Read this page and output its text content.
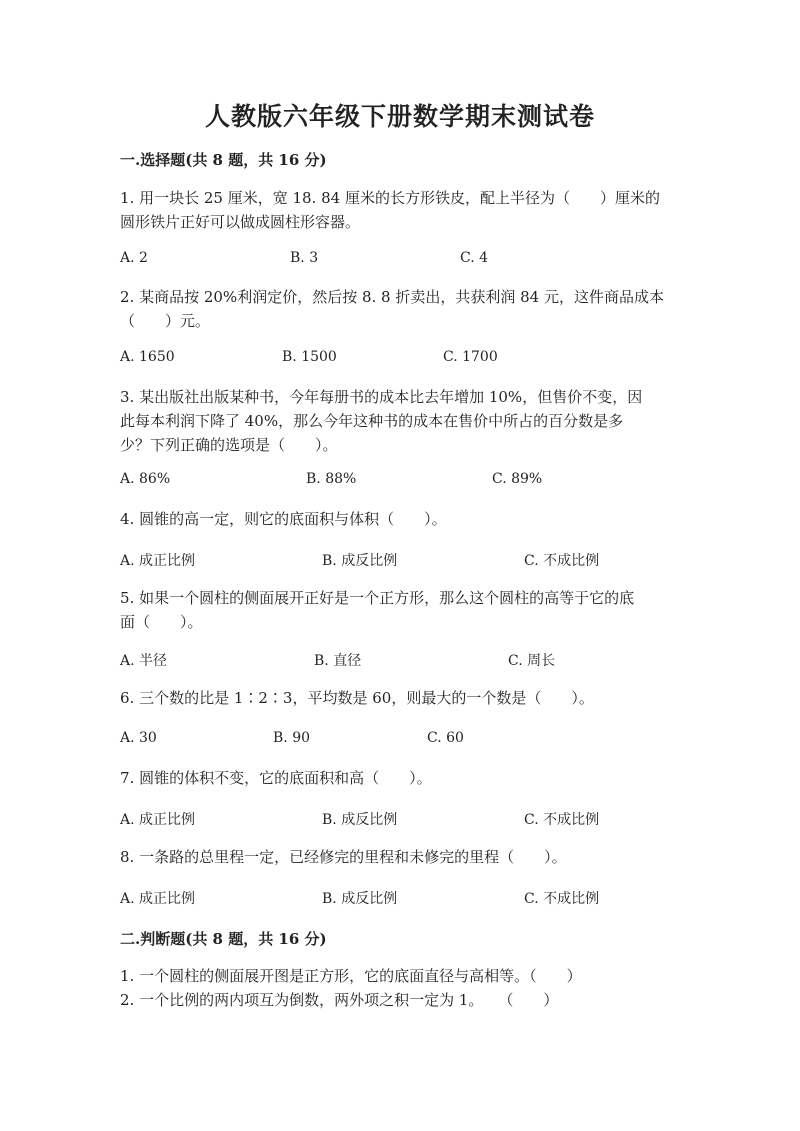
人教版六年级下册数学期末测试卷
一.选择题(共 8 题，共 16 分)
1. 用一块长 25 厘米，宽 18. 84 厘米的长方形铁皮，配上半径为（　　）厘米的
圆形铁片正好可以做成圆柱形容器。
A. 2	B. 3	C. 4
2. 某商品按 20%利润定价，然后按 8. 8 折卖出，共获利润 84 元，这件商品成本
（　　）元。
A. 1650	B. 1500	C. 1700
3. 某出版社出版某种书，今年每册书的成本比去年增加 10%，但售价不变，因
此每本利润下降了 40%，那么今年这种书的成本在售价中所占的百分数是多
少？下列正确的选项是（　　）。
A. 86%	B. 88%	C. 89%
4. 圆锥的高一定，则它的底面积与体积（　　）。
A. 成正比例	B. 成反比例	C. 不成比例
5. 如果一个圆柱的侧面展开正好是一个正方形，那么这个圆柱的高等于它的底
面（　　）。
A. 半径	B. 直径	C. 周长
6. 三个数的比是 1∶2∶3，平均数是 60，则最大的一个数是（　　）。
A. 30	B. 90	C. 60
7. 圆锥的体积不变，它的底面积和高（　　）。
A. 成正比例	B. 成反比例	C. 不成比例
8. 一条路的总里程一定，已经修完的里程和未修完的里程（　　）。
A. 成正比例	B. 成反比例	C. 不成比例
二.判断题(共 8 题，共 16 分)
1. 一个圆柱的侧面展开图是正方形，它的底面直径与高相等。（　　）
2. 一个比例的两内项互为倒数，两外项之积一定为 1。　　（　　）
